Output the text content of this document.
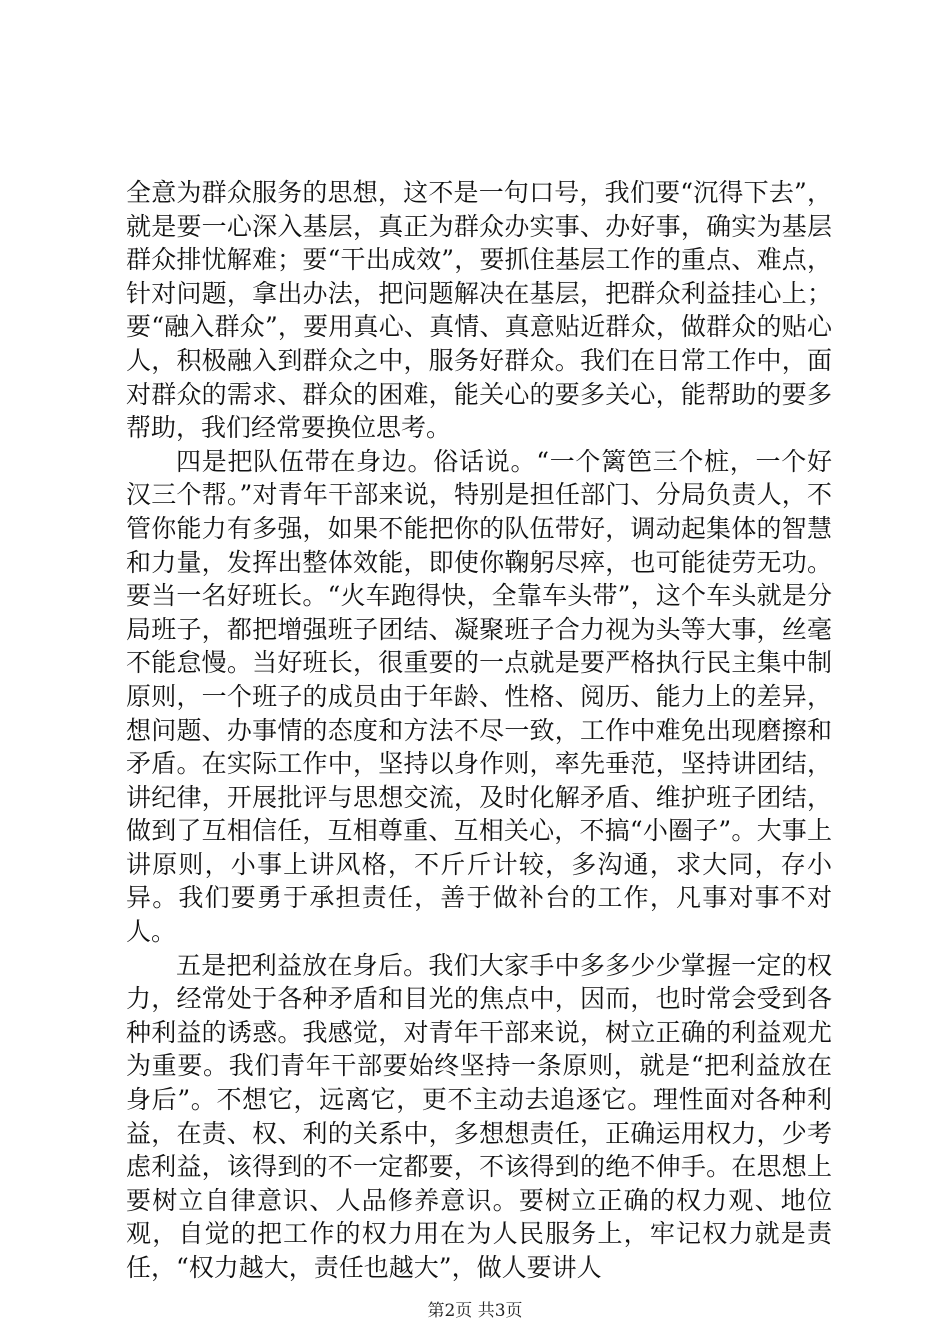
全意为群众服务的思想，这不是一句口号，我们要“沉得下去”，就是要一心深入基层，真正为群众办实事、办好事，确实为基层群众排忧解难；要“干出成效”，要抓住基层工作的重点、难点，针对问题，拿出办法，把问题解决在基层，把群众利益挂心上；要“融入群众”，要用真心、真情、真意贴近群众，做群众的贴心人，积极融入到群众之中，服务好群众。我们在日常工作中，面对群众的需求、群众的困难，能关心的要多关心，能帮助的要多帮助，我们经常要换位思考。

四是把队伍带在身边。俗话说。“一个篱笆三个桩，一个好汉三个帮。”对青年干部来说，特别是担任部门、分局负责人，不管你能力有多强，如果不能把你的队伍带好，调动起集体的智慧和力量，发挥出整体效能，即使你鞠躬尽瘁，也可能徒劳无功。要当一名好班长。“火车跑得快，全靠车头带”，这个车头就是分局班子，都把增强班子团结、凝聚班子合力视为头等大事，丝毫不能怠慢。当好班长，很重要的一点就是要严格执行民主集中制原则，一个班子的成员由于年龄、性格、阅历、能力上的差异，想问题、办事情的态度和方法不尽一致，工作中难免出现磨擦和矛盾。在实际工作中，坚持以身作则，率先垂范，坚持讲团结，讲纪律，开展批评与思想交流，及时化解矛盾、维护班子团结，做到了互相信任，互相尊重、互相关心，不搞“小圈子”。大事上讲原则，小事上讲风格，不斤斤计较，多沟通，求大同，存小异。我们要勇于承担责任，善于做补台的工作，凡事对事不对人。

五是把利益放在身后。我们大家手中多多少少掌握一定的权力，经常处于各种矛盾和目光的焦点中，因而，也时常会受到各种利益的诱惑。我感觉，对青年干部来说，树立正确的利益观尤为重要。我们青年干部要始终坚持一条原则，就是“把利益放在身后”。不想它，远离它，更不主动去追逐它。理性面对各种利益，在责、权、利的关系中，多想想责任，正确运用权力，少考虑利益，该得到的不一定都要，不该得到的绝不伸手。在思想上要树立自律意识、人品修养意识。要树立正确的权力观、地位观，自觉的把工作的权力用在为人民服务上，牢记权力就是责任，“权力越大，责任也越大”，做人要讲人

第2页 共3页
